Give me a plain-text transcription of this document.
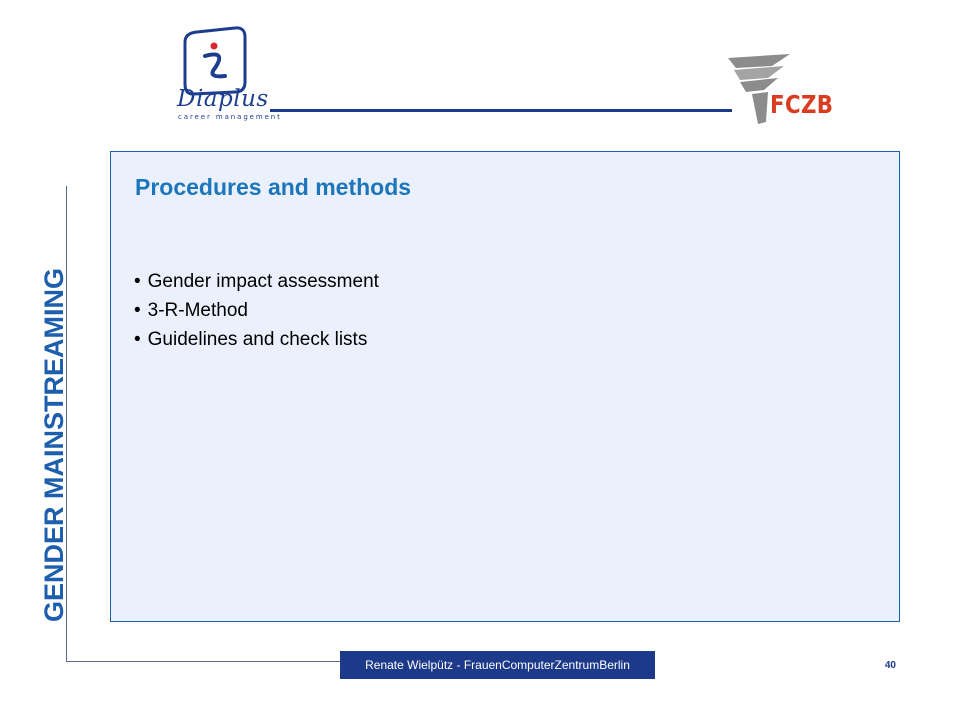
Diaplus
career management	FCZB
GENDER MAINSTREAMING
Procedures and methods
• Gender impact assessment
• 3-R-Method
• Guidelines and check lists
Renate Wielpütz - FrauenComputerZentrumBerlin	40
